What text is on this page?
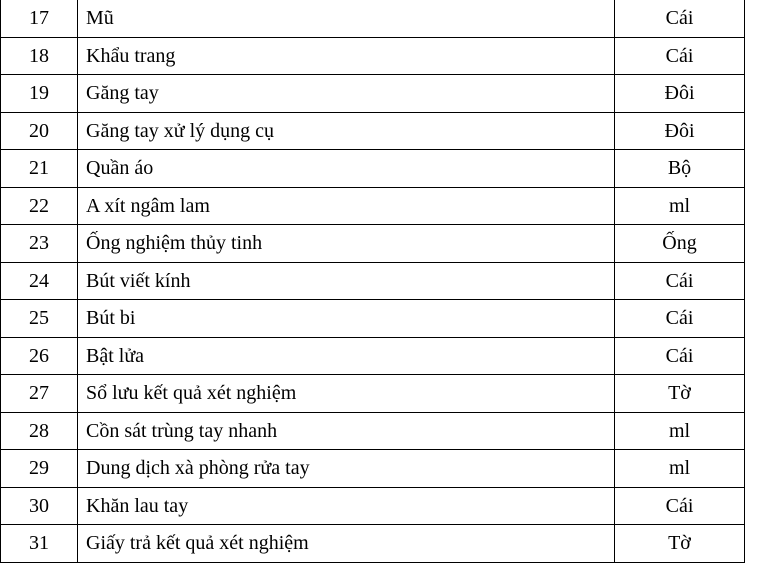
17	Mũ	Cái
18	Khẩu trang	Cái
19	Găng tay	Đôi
20	Găng tay xử lý dụng cụ	Đôi
21	Quần áo	Bộ
22	A xít ngâm lam	ml
23	Ống nghiệm thủy tinh	Ống
24	Bút viết kính	Cái
25	Bút bi	Cái
26	Bật lửa	Cái
27	Sổ lưu kết quả xét nghiệm	Tờ
28	Cồn sát trùng tay nhanh	ml
29	Dung dịch xà phòng rửa tay	ml
30	Khăn lau tay	Cái
31	Giấy trả kết quả xét nghiệm	Tờ
